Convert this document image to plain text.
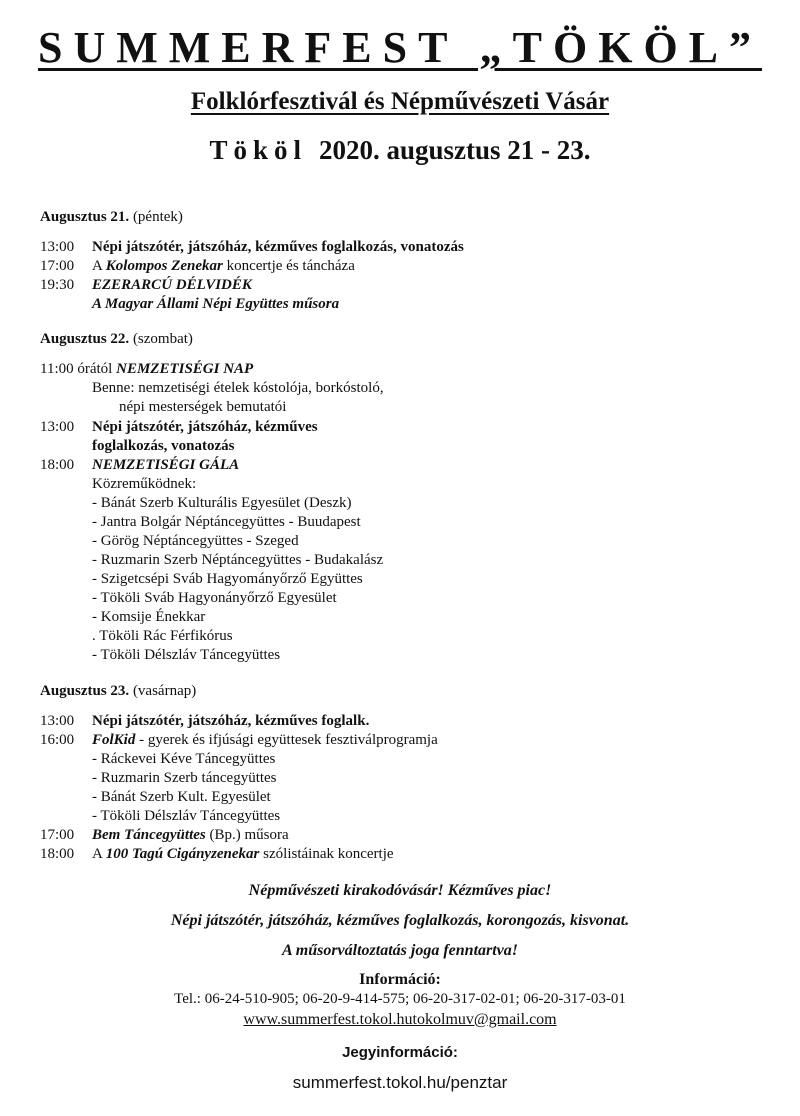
SUMMERFEST „TÖKÖL”
Folklórfesztivál és Népművészeti Vásár
Tököl 2020. augusztus 21 - 23.
Augusztus 21. (péntek)
13:00 Népi játszótér, játszóház, kézműves foglalkozás, vonatozás
17:00 A Kolompos Zenekar koncertje és táncháza
19:30 EZERARCÚ DÉLVIDÉK
A Magyar Állami Népi Együttes műsora
Augusztus 22. (szombat)
11:00 órától NEMZETISÉGI NAP
Benne: nemzetiségi ételek kóstolója, borkóstoló,
népi mesterségek bemutatói
13:00 Népi játszótér, játszóház, kézműves
foglalkozás, vonatozás
18:00 NEMZETISÉGI GÁLA
Közreműködnek:
- Bánát Szerb Kulturális Egyesület (Deszk)
- Jantra Bolgár Néptáncegyüttes - Buudapest
- Görög Néptáncegyüttes - Szeged
- Ruzmarin Szerb Néptáncegyüttes - Budakalász
- Szigetcsépi Sváb Hagyományőrző Együttes
- Tököli Sváb Hagyonányőrző Egyesület
- Komsije Énekkar
. Tököli Rác Férfikórus
- Tököli Délszláv Táncegyüttes
Augusztus 23. (vasárnap)
13:00 Népi játszótér, játszóház, kézműves foglalk.
16:00 FolKid - gyerek és ifjúsági együttesek fesztiválprogramja
- Ráckevei Kéve Táncegyüttes
- Ruzmarin Szerb táncegyüttes
- Bánát Szerb Kult. Egyesület
- Tököli Délszláv Táncegyüttes
17:00 Bem Táncegyüttes (Bp.) műsora
18:00 A 100 Tagú Cigányzenekar szólistáinak koncertje
Népművészeti kirakodóvásár! Kézműves piac!
Népi játszótér, játszóház, kézműves foglalkozás, korongozás, kisvonat.
A műsorváltoztatás joga fenntartva!
Információ:
Tel.: 06-24-510-905; 06-20-9-414-575; 06-20-317-02-01; 06-20-317-03-01
www.summerfest.tokol.hutokolmuv@gmail.com
Jegyinformáció:
summerfest.tokol.hu/penztar
